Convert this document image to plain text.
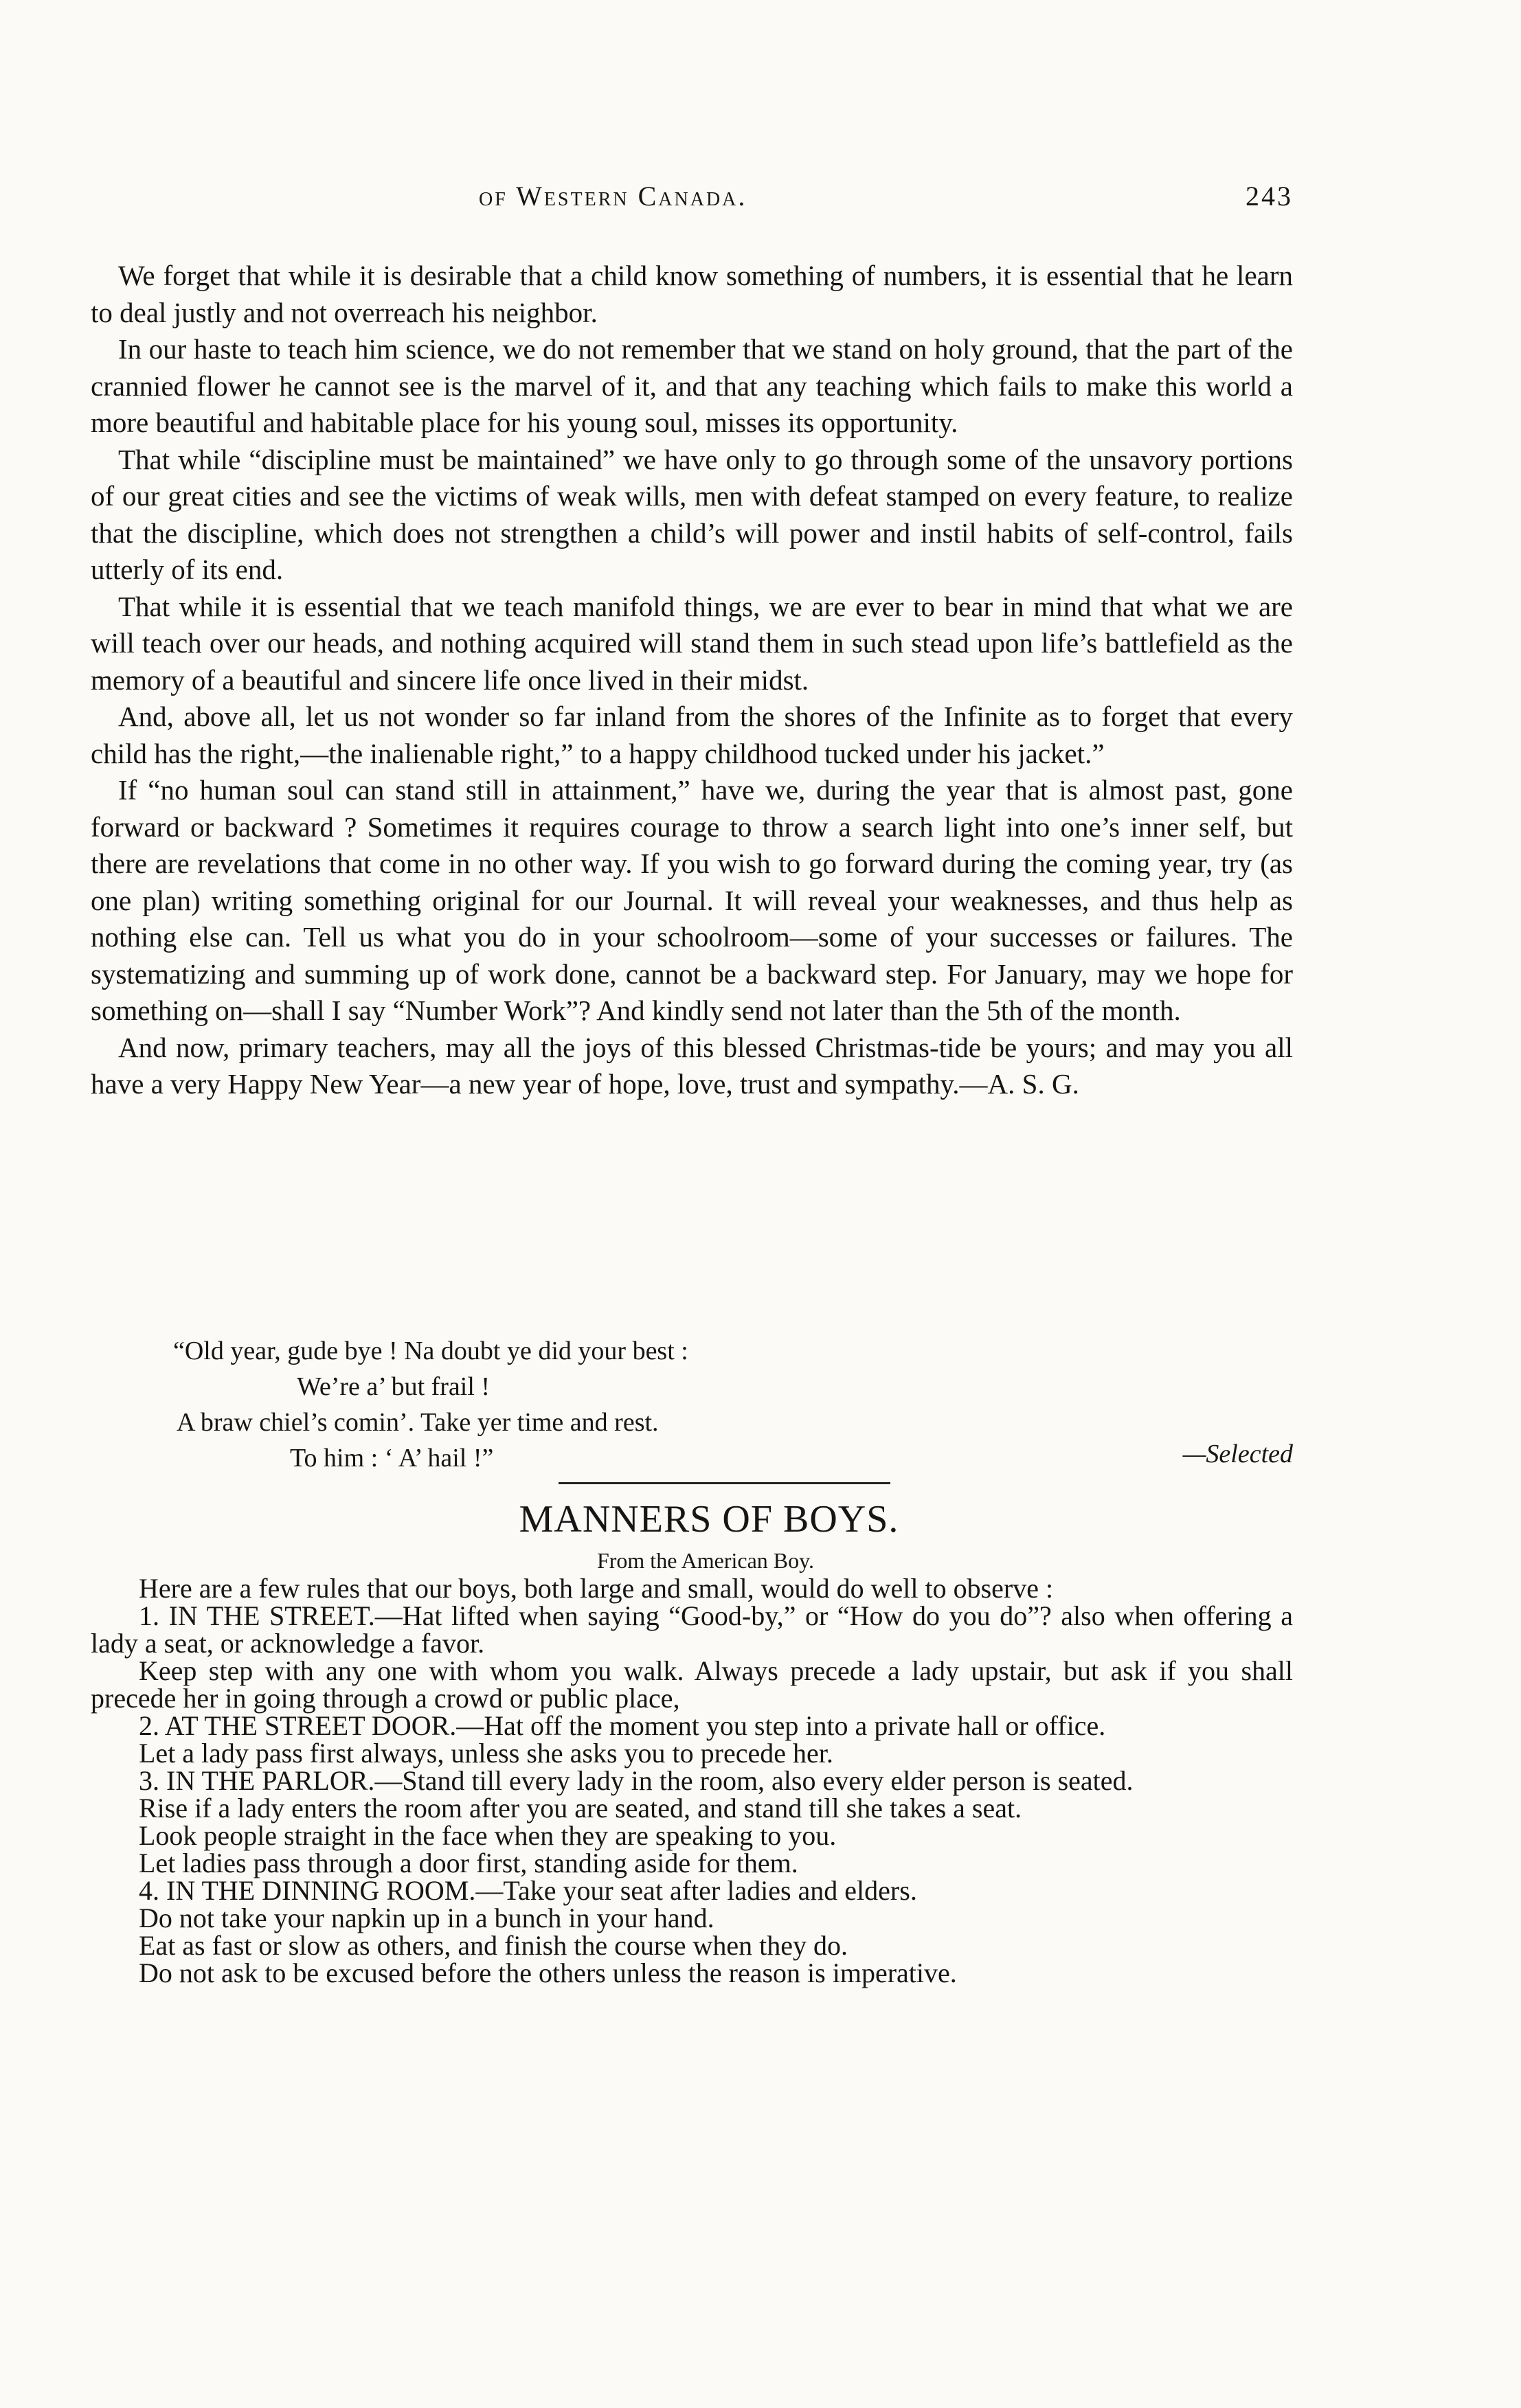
of Western Canada.	243

We forget that while it is desirable that a child know something of numbers, it is essential that he learn to deal justly and not overreach his neighbor.

In our haste to teach him science, we do not remember that we stand on holy ground, that the part of the crannied flower he cannot see is the marvel of it, and that any teaching which fails to make this world a more beautiful and habitable place for his young soul, misses its opportunity.

That while “discipline must be maintained” we have only to go through some of the unsavory portions of our great cities and see the victims of weak wills, men with defeat stamped on every feature, to realize that the discipline, which does not strengthen a child’s will power and instil habits of self-control, fails utterly of its end.

That while it is essential that we teach manifold things, we are ever to bear in mind that what we are will teach over our heads, and nothing acquired will stand them in such stead upon life’s battlefield as the memory of a beautiful and sincere life once lived in their midst.

And, above all, let us not wonder so far inland from the shores of the Infinite as to forget that every child has the right,—the inalienable right,” to a happy childhood tucked under his jacket.”

If “no human soul can stand still in attainment,” have we, during the year that is almost past, gone forward or backward ? Sometimes it requires courage to throw a search light into one’s inner self, but there are revelations that come in no other way. If you wish to go forward during the coming year, try (as one plan) writing something original for our Journal. It will reveal your weaknesses, and thus help as nothing else can. Tell us what you do in your schoolroom—some of your successes or failures. The systematizing and summing up of work done, cannot be a backward step. For January, may we hope for something on—shall I say “Number Work”? And kindly send not later than the 5th of the month.

And now, primary teachers, may all the joys of this blessed Christmas-tide be yours; and may you all have a very Happy New Year—a new year of hope, love, trust and sympathy.—A. S. G.

“Old year, gude bye ! Na doubt ye did your best :
We’re a’ but frail !
A braw chiel’s comin’. Take yer time and rest.
To him : ‘ A’ hail !”	—Selected
MANNERS OF BOYS.
From the American Boy.

Here are a few rules that our boys, both large and small, would do well to observe :

1. IN THE STREET.—Hat lifted when saying “Good-by,” or “How do you do”? also when offering a lady a seat, or acknowledge a favor.

Keep step with any one with whom you walk. Always precede a lady upstair, but ask if you shall precede her in going through a crowd or public place,

2. AT THE STREET DOOR.—Hat off the moment you step into a private hall or office.

Let a lady pass first always, unless she asks you to precede her.

3. IN THE PARLOR.—Stand till every lady in the room, also every elder person is seated.

Rise if a lady enters the room after you are seated, and stand till she takes a seat.

Look people straight in the face when they are speaking to you.

Let ladies pass through a door first, standing aside for them.

4. IN THE DINNING ROOM.—Take your seat after ladies and elders.

Do not take your napkin up in a bunch in your hand.

Eat as fast or slow as others, and finish the course when they do.

Do not ask to be excused before the others unless the reason is imperative.
